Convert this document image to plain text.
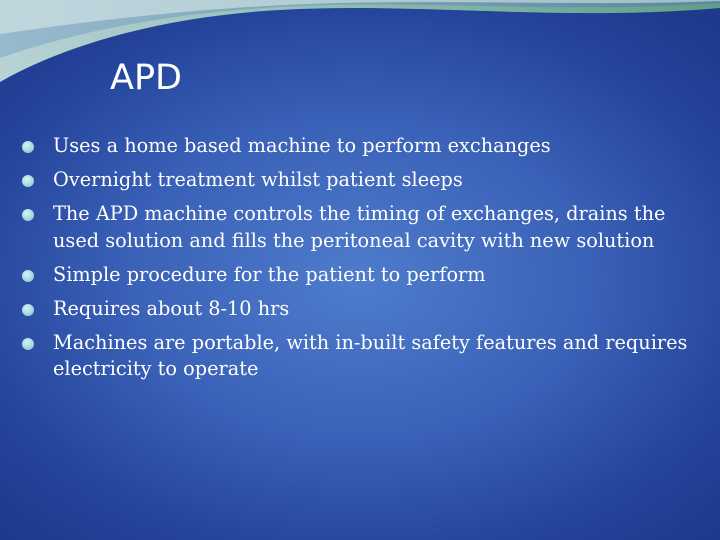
APD
Uses a home based machine to perform exchanges
Overnight treatment whilst patient sleeps
The APD machine controls the timing of exchanges, drains the used solution and fills the peritoneal cavity with new solution
Simple procedure for the patient to perform
Requires about 8-10 hrs
Machines are portable, with in-built safety features and requires electricity to operate
